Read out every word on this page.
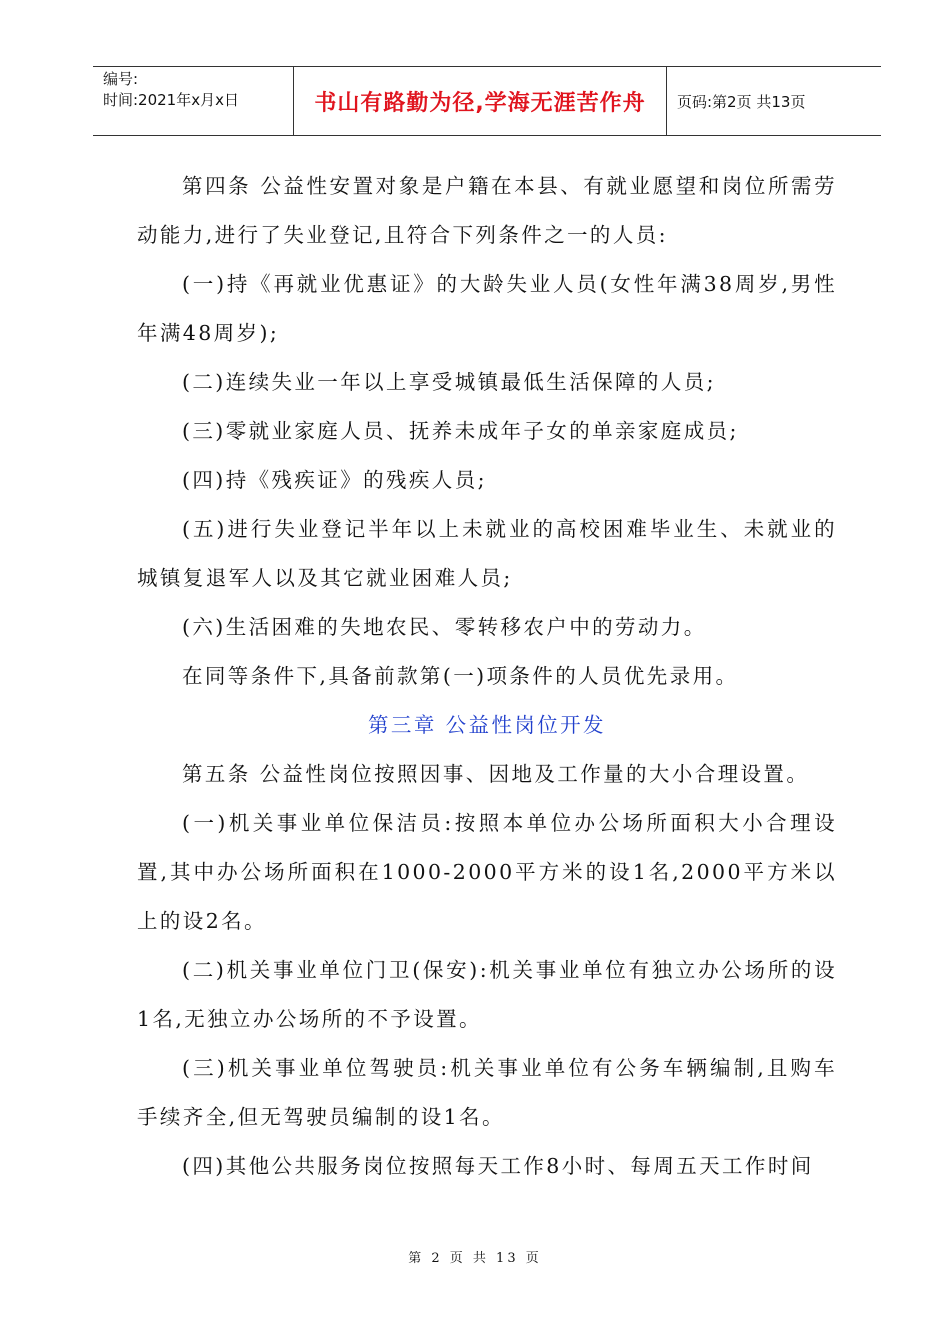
编号:
时间:2021年x月x日	书山有路勤为径,学海无涯苦作舟	页码:第2页 共13页

第四条 公益性安置对象是户籍在本县、有就业愿望和岗位所需劳动能力,进行了失业登记,且符合下列条件之一的人员:

(一)持《再就业优惠证》的大龄失业人员(女性年满38周岁,男性年满48周岁);

(二)连续失业一年以上享受城镇最低生活保障的人员;

(三)零就业家庭人员、抚养未成年子女的单亲家庭成员;

(四)持《残疾证》的残疾人员;

(五)进行失业登记半年以上未就业的高校困难毕业生、未就业的城镇复退军人以及其它就业困难人员;

(六)生活困难的失地农民、零转移农户中的劳动力。

在同等条件下,具备前款第(一)项条件的人员优先录用。

第三章 公益性岗位开发

第五条 公益性岗位按照因事、因地及工作量的大小合理设置。

(一)机关事业单位保洁员:按照本单位办公场所面积大小合理设置,其中办公场所面积在1000-2000平方米的设1名,2000平方米以上的设2名。

(二)机关事业单位门卫(保安):机关事业单位有独立办公场所的设1名,无独立办公场所的不予设置。

(三)机关事业单位驾驶员:机关事业单位有公务车辆编制,且购车手续齐全,但无驾驶员编制的设1名。

(四)其他公共服务岗位按照每天工作8小时、每周五天工作时间

第 2 页 共 13 页
